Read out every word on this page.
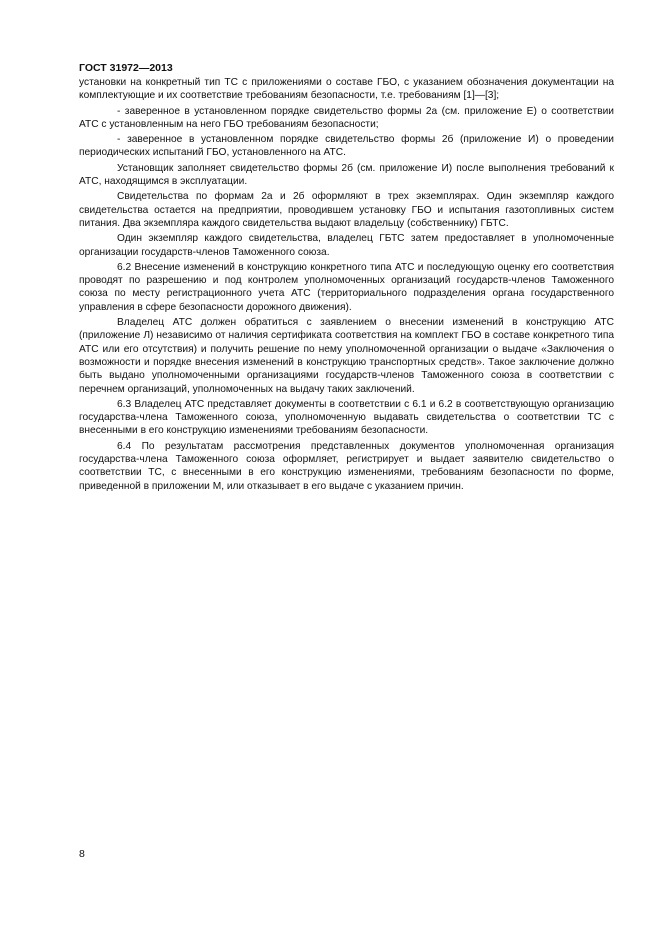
ГОСТ 31972—2013

установки на конкретный тип ТС с приложениями о составе ГБО, с указанием обозначения документации на комплектующие и их соответствие требованиям безопасности, т.е. требованиям [1]—[3];

- заверенное в установленном порядке свидетельство формы 2а (см. приложение Е) о соответствии АТС с установленным на него ГБО требованиям безопасности;

- заверенное в установленном порядке свидетельство формы 2б (приложение И) о проведении периодических испытаний ГБО, установленного на АТС.

Установщик заполняет свидетельство формы 2б (см. приложение И) после выполнения требований к АТС, находящимся в эксплуатации.

Свидетельства по формам 2а и 2б оформляют в трех экземплярах. Один экземпляр каждого свидетельства остается на предприятии, проводившем установку ГБО и испытания газотопливных систем питания. Два экземпляра каждого свидетельства выдают владельцу (собственнику) ГБТС.

Один экземпляр каждого свидетельства, владелец ГБТС затем предоставляет в уполномоченные организации государств-членов Таможенного союза.

6.2 Внесение изменений в конструкцию конкретного типа АТС и последующую оценку его соответствия проводят по разрешению и под контролем уполномоченных организаций государств-членов Таможенного союза по месту регистрационного учета АТС (территориального подразделения органа государственного управления в сфере безопасности дорожного движения).

Владелец АТС должен обратиться с заявлением о внесении изменений в конструкцию АТС (приложение Л) независимо от наличия сертификата соответствия на комплект ГБО в составе конкретного типа АТС или его отсутствия) и получить решение по нему уполномоченной организации о выдаче «Заключения о возможности и порядке внесения изменений в конструкцию транспортных средств». Такое заключение должно быть выдано уполномоченными организациями государств-членов Таможенного союза в соответствии с перечнем организаций, уполномоченных на выдачу таких заключений.

6.3 Владелец АТС представляет документы в соответствии с 6.1 и 6.2 в соответствующую организацию государства-члена Таможенного союза, уполномоченную выдавать свидетельства о соответствии ТС с внесенными в его конструкцию изменениями требованиям безопасности.

6.4 По результатам рассмотрения представленных документов уполномоченная организация государства-члена Таможенного союза оформляет, регистрирует и выдает заявителю свидетельство о соответствии ТС, с внесенными в его конструкцию изменениями, требованиям безопасности по форме, приведенной в приложении М, или отказывает в его выдаче с указанием причин.

8
